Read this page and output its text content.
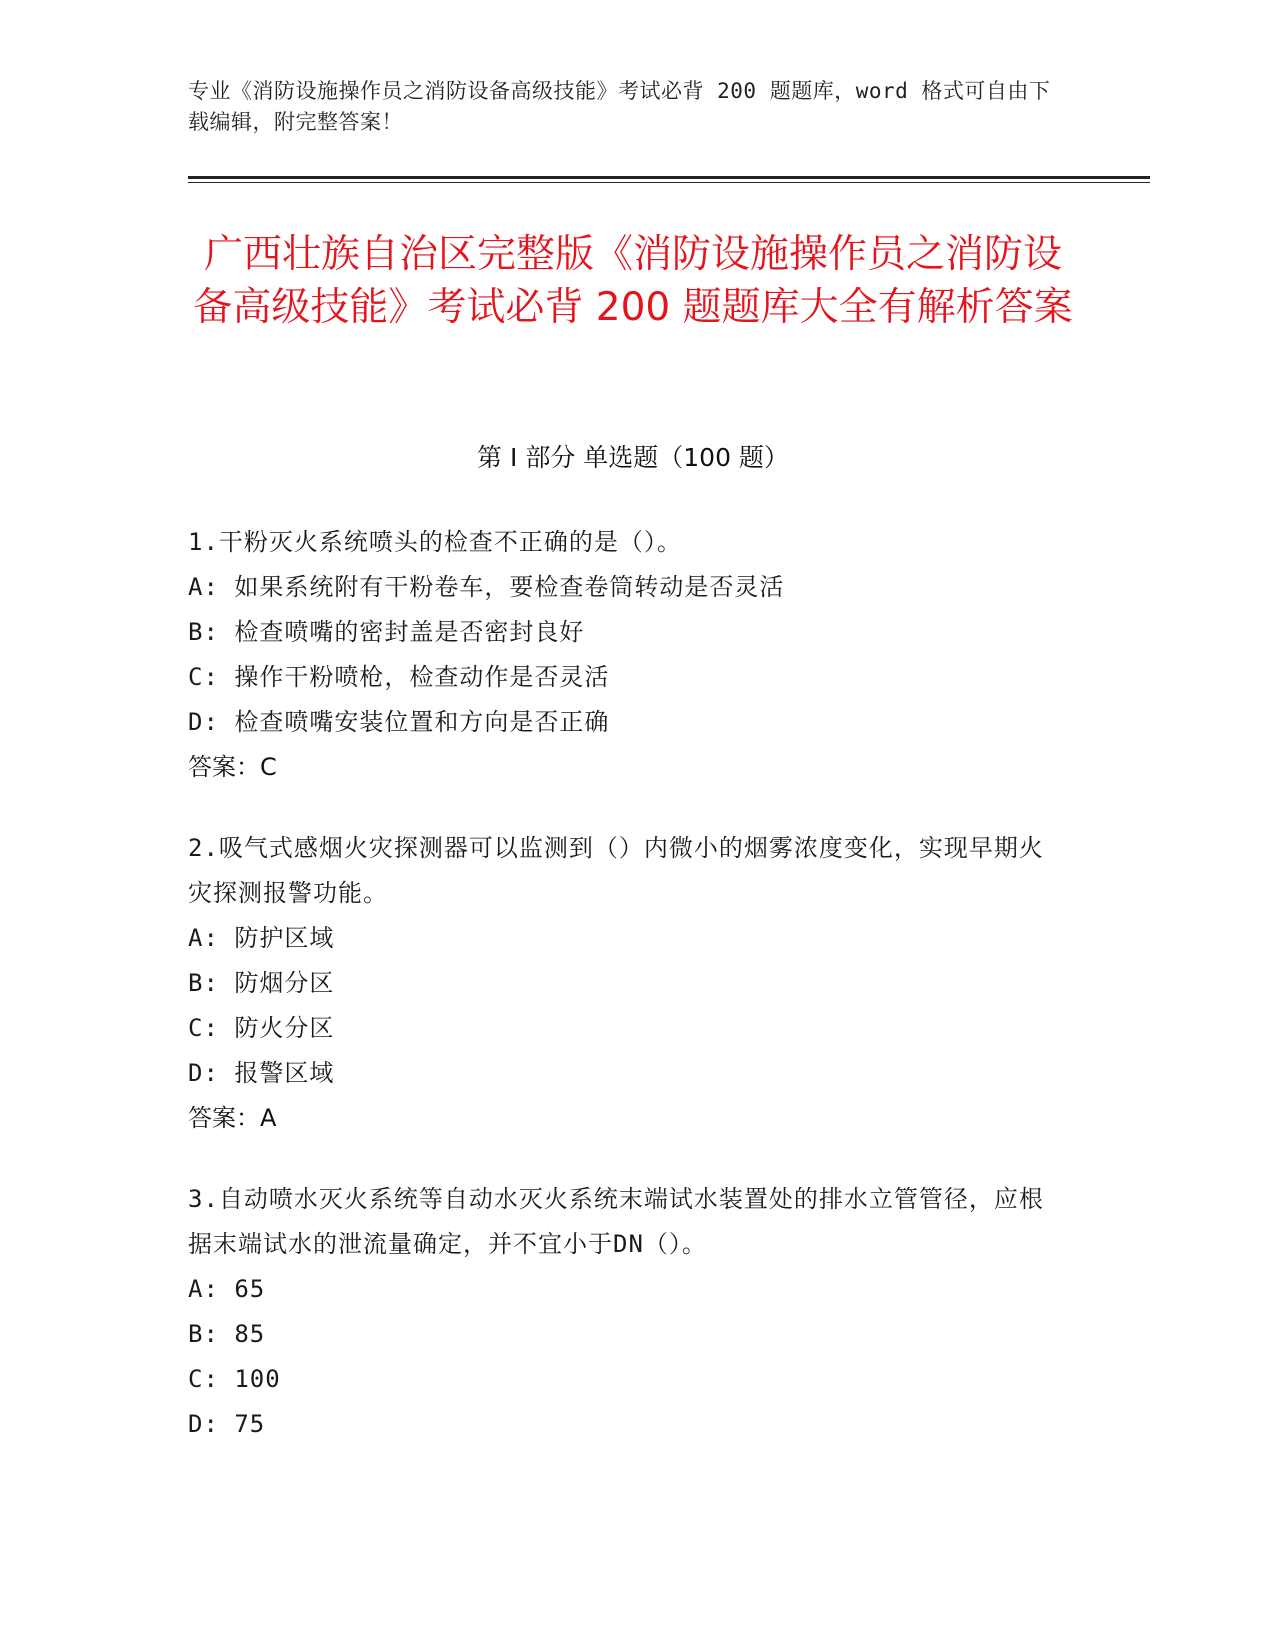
专业《消防设施操作员之消防设备高级技能》考试必背 200 题题库，word 格式可自由下载编辑，附完整答案！
广西壮族自治区完整版《消防设施操作员之消防设备高级技能》考试必背 200 题题库大全有解析答案
第 I 部分 单选题（100 题）
1.干粉灭火系统喷头的检查不正确的是（）。
A: 如果系统附有干粉卷车，要检查卷筒转动是否灵活
B: 检查喷嘴的密封盖是否密封良好
C: 操作干粉喷枪，检查动作是否灵活
D: 检查喷嘴安装位置和方向是否正确
答案：C
2.吸气式感烟火灾探测器可以监测到（）内微小的烟雾浓度变化，实现早期火灾探测报警功能。
A: 防护区域
B: 防烟分区
C: 防火分区
D: 报警区域
答案：A
3.自动喷水灭火系统等自动水灭火系统末端试水装置处的排水立管管径，应根据末端试水的泄流量确定，并不宜小于DN（）。
A: 65
B: 85
C: 100
D: 75
